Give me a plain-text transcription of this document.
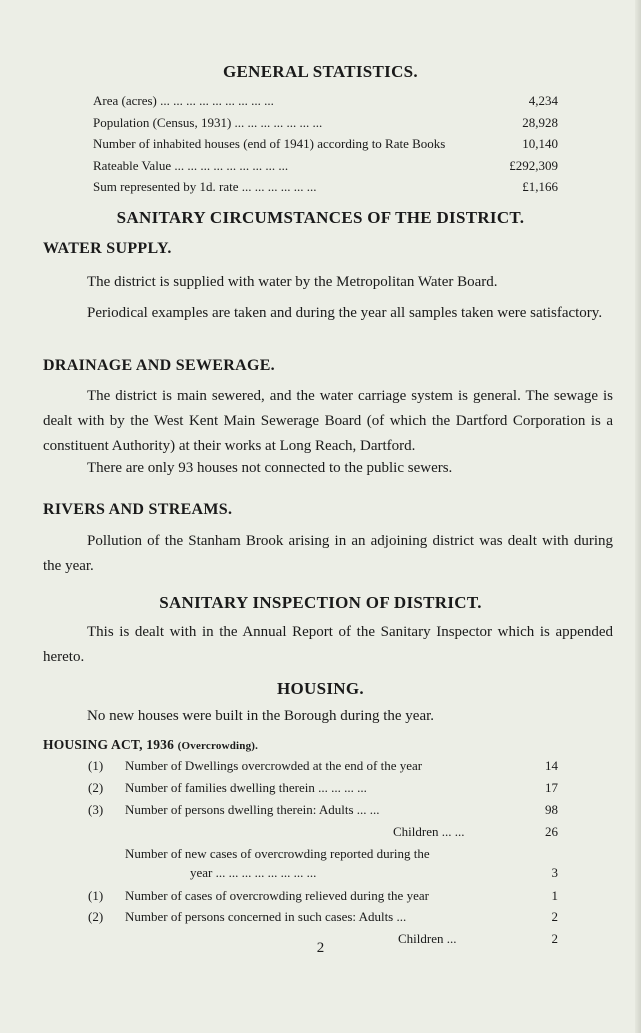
GENERAL STATISTICS.
Area (acres) ... ... ... ... ... ... ... ... ...	4,234
Population (Census, 1931) ... ... ... ... ... ... ...	28,928
Number of inhabited houses (end of 1941) according to Rate Books	10,140
Rateable Value ... ... ... ... ... ... ... ... ...	£292,309
Sum represented by 1d. rate ... ... ... ... ... ...	£1,166
SANITARY CIRCUMSTANCES OF THE DISTRICT.
WATER SUPPLY.
The district is supplied with water by the Metropolitan Water Board.
Periodical examples are taken and during the year all samples taken were satisfactory.
DRAINAGE AND SEWERAGE.
The district is main sewered, and the water carriage system is general. The sewage is dealt with by the West Kent Main Sewerage Board (of which the Dartford Corporation is a constituent Authority) at their works at Long Reach, Dartford.
There are only 93 houses not connected to the public sewers.
RIVERS AND STREAMS.
Pollution of the Stanham Brook arising in an adjoining district was dealt with during the year.
SANITARY INSPECTION OF DISTRICT.
This is dealt with in the Annual Report of the Sanitary Inspector which is appended hereto.
HOUSING.
No new houses were built in the Borough during the year.
HOUSING ACT, 1936 (Overcrowding).
(1) Number of Dwellings overcrowded at the end of the year	14
(2) Number of families dwelling therein ... ... ... ...	17
(3) Number of persons dwelling therein: Adults ... ...	98
Children ... ...	26
Number of new cases of overcrowding reported during the
year ... ... ... ... ... ... ... ...	3
(1) Number of cases of overcrowding relieved during the year	1
(2) Number of persons concerned in such cases: Adults ...	2
Children ...	2
2
